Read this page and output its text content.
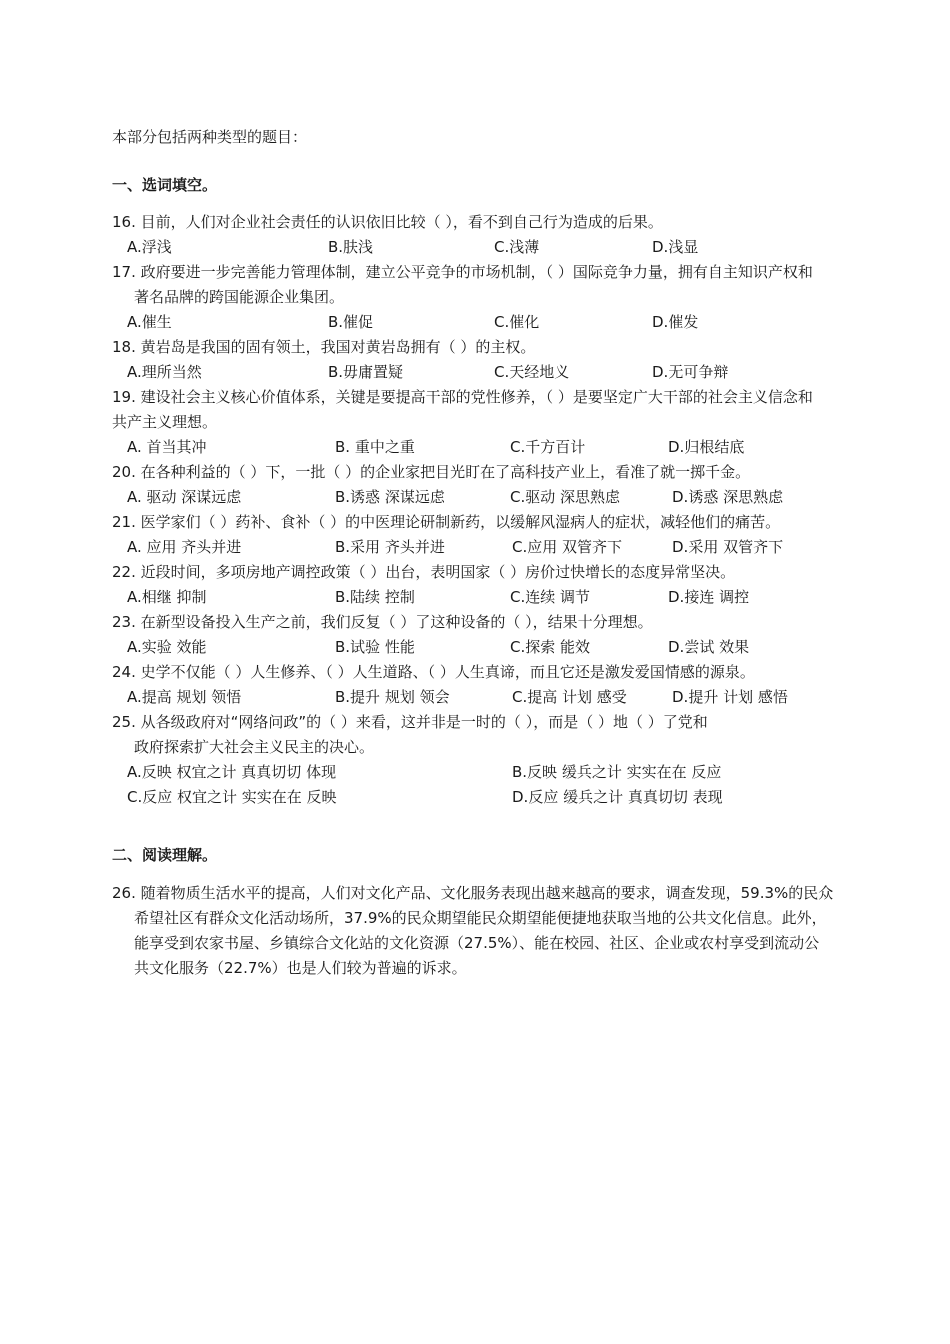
本部分包括两种类型的题目：
一、选词填空。
16. 目前，人们对企业社会责任的认识依旧比较（ ），看不到自己行为造成的后果。
A.浮浅	B.肤浅	C.浅薄	D.浅显
17. 政府要进一步完善能力管理体制，建立公平竞争的市场机制，（ ）国际竞争力量，拥有自主知识产权和
著名品牌的跨国能源企业集团。
A.催生	B.催促	C.催化	D.催发
18. 黄岩岛是我国的固有领土，我国对黄岩岛拥有（ ）的主权。
A.理所当然	B.毋庸置疑	C.天经地义	D.无可争辩
19. 建设社会主义核心价值体系，关键是要提高干部的党性修养，（ ）是要坚定广大干部的社会主义信念和
共产主义理想。
A. 首当其冲	B. 重中之重	C.千方百计	D.归根结底
20. 在各种利益的（ ）下，一批（ ）的企业家把目光盯在了高科技产业上，看准了就一掷千金。
A. 驱动 深谋远虑	B.诱惑 深谋远虑	C.驱动 深思熟虑	D.诱惑 深思熟虑
21. 医学家们（ ）药补、食补（ ）的中医理论研制新药，以缓解风湿病人的症状，减轻他们的痛苦。
A. 应用 齐头并进	B.采用 齐头并进	C.应用 双管齐下	D.采用 双管齐下
22. 近段时间，多项房地产调控政策（ ）出台，表明国家（ ）房价过快增长的态度异常坚决。
A.相继 抑制	B.陆续 控制	C.连续 调节	D.接连 调控
23. 在新型设备投入生产之前，我们反复（ ）了这种设备的（ ），结果十分理想。
A.实验 效能	B.试验 性能	C.探索 能效	D.尝试 效果
24. 史学不仅能（ ）人生修养、（ ）人生道路、（ ）人生真谛，而且它还是激发爱国情感的源泉。
A.提高 规划 领悟	B.提升 规划 领会	C.提高 计划 感受	D.提升 计划 感悟
25. 从各级政府对“网络问政”的（ ）来看，这并非是一时的（ ），而是（ ）地（ ）了党和
政府探索扩大社会主义民主的决心。
A.反映 权宜之计 真真切切 体现	B.反映 缓兵之计 实实在在 反应
C.反应 权宜之计 实实在在 反映	D.反应 缓兵之计 真真切切 表现
二、阅读理解。
26. 随着物质生活水平的提高，人们对文化产品、文化服务表现出越来越高的要求，调查发现，59.3%的民众
希望社区有群众文化活动场所，37.9%的民众期望能民众期望能便捷地获取当地的公共文化信息。此外，
能享受到农家书屋、乡镇综合文化站的文化资源（27.5%）、能在校园、社区、企业或农村享受到流动公
共文化服务（22.7%）也是人们较为普遍的诉求。
